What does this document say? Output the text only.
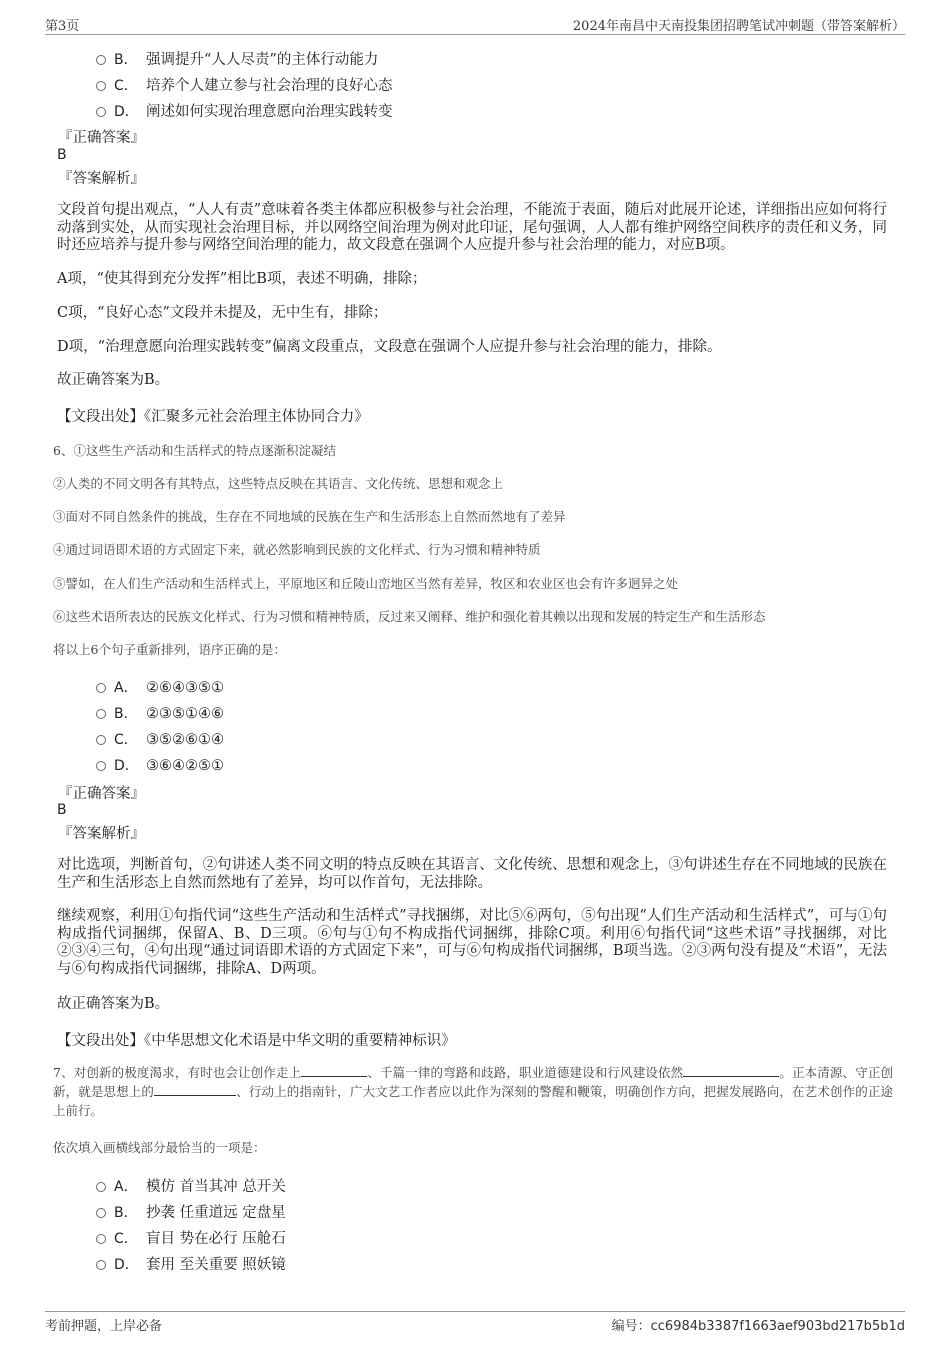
第3页	2024年南昌中天南投集团招聘笔试冲刺题（带答案解析）
B． 强调提升“人人尽责”的主体行动能力
C． 培养个人建立参与社会治理的良好心态
D． 阐述如何实现治理意愿向治理实践转变
『正确答案』
B
『答案解析』
文段首句提出观点，“人人有责”意味着各类主体都应积极参与社会治理，不能流于表面，随后对此展开论述，详细指出应如何将行动落到实处，从而实现社会治理目标，并以网络空间治理为例对此印证，尾句强调，人人都有维护网络空间秩序的责任和义务，同时还应培养与提升参与网络空间治理的能力，故文段意在强调个人应提升参与社会治理的能力，对应B项。
A项，“使其得到充分发挥”相比B项，表述不明确，排除；
C项，“良好心态”文段并未提及，无中生有，排除；
D项，“治理意愿向治理实践转变”偏离文段重点，文段意在强调个人应提升参与社会治理的能力，排除。
故正确答案为B。
【文段出处】《汇聚多元社会治理主体协同合力》
6、①这些生产活动和生活样式的特点逐渐积淀凝结
②人类的不同文明各有其特点，这些特点反映在其语言、文化传统、思想和观念上
③面对不同自然条件的挑战，生存在不同地域的民族在生产和生活形态上自然而然地有了差异
④通过词语即术语的方式固定下来，就必然影响到民族的文化样式、行为习惯和精神特质
⑤譬如，在人们生产活动和生活样式上，平原地区和丘陵山峦地区当然有差异，牧区和农业区也会有许多迥异之处
⑥这些术语所表达的民族文化样式、行为习惯和精神特质，反过来又阐释、维护和强化着其赖以出现和发展的特定生产和生活形态
将以上6个句子重新排列，语序正确的是：
A． ②⑥④③⑤①
B． ②③⑤①④⑥
C． ③⑤②⑥①④
D． ③⑥④②⑤①
『正确答案』
B
『答案解析』
对比选项，判断首句，②句讲述人类不同文明的特点反映在其语言、文化传统、思想和观念上，③句讲述生存在不同地域的民族在生产和生活形态上自然而然地有了差异，均可以作首句，无法排除。
继续观察，利用①句指代词“这些生产活动和生活样式”寻找捆绑，对比⑤⑥两句，⑤句出现“人们生产活动和生活样式”，可与①句构成指代词捆绑，保留A、B、D三项。⑥句与①句不构成指代词捆绑，排除C项。利用⑥句指代词“这些术语”寻找捆绑，对比②③④三句，④句出现“通过词语即术语的方式固定下来”，可与⑥句构成指代词捆绑，B项当选。②③两句没有提及“术语”，无法与⑥句构成指代词捆绑，排除A、D两项。
故正确答案为B。
【文段出处】《中华思想文化术语是中华文明的重要精神标识》
7、对创新的极度渴求，有时也会让创作走上	、千篇一律的弯路和歧路，职业道德建设和行风建设依然	。正本清源、守正创新，就是思想上的	、行动上的指南针，广大文艺工作者应以此作为深刻的警醒和鞭策，明确创作方向，把握发展路向，在艺术创作的正途上前行。
依次填入画横线部分最恰当的一项是：
A． 模仿 首当其冲 总开关
B． 抄袭 任重道远 定盘星
C． 盲目 势在必行 压舱石
D． 套用 至关重要 照妖镜
考前押题，上岸必备	编号：cc6984b3387f1663aef903bd217b5b1d
